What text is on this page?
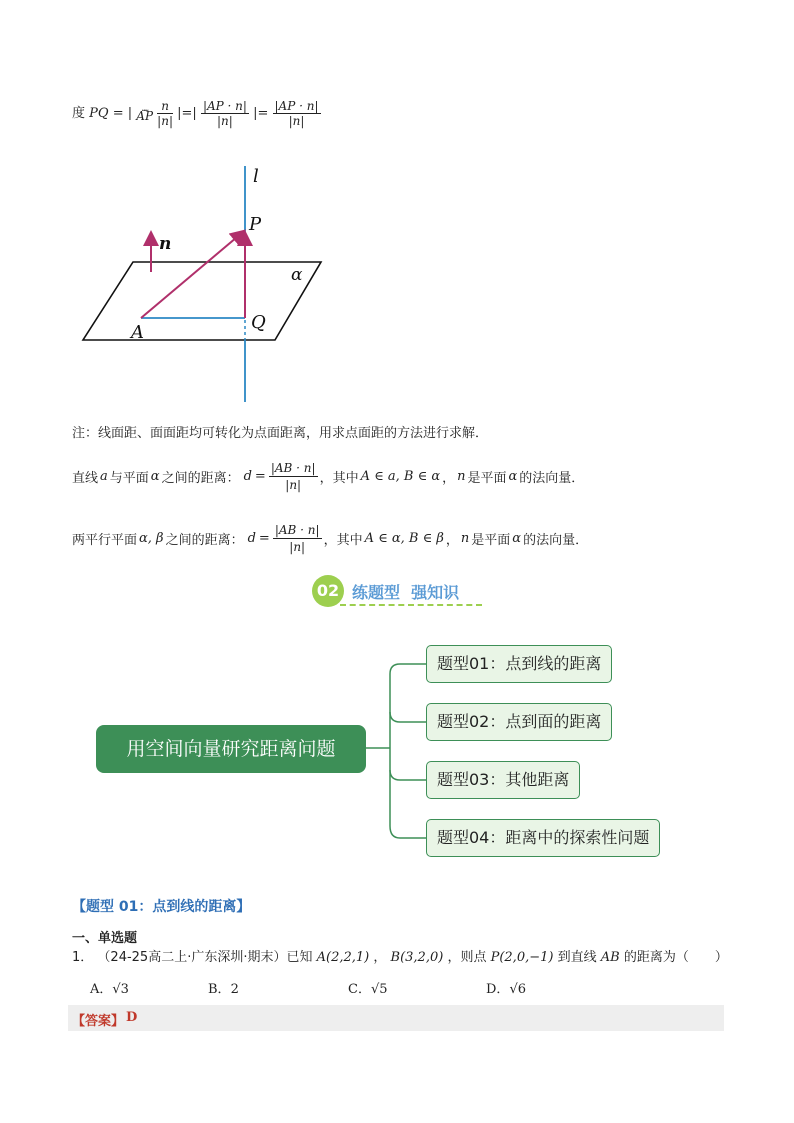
度 PQ = |	⎵⎵⎵
AP $\frac{n}{|n|}$ |=| $\frac{|AP \cdot n|}{|n|}$ |= $\frac{|AP \cdot n|}{|n|}$
l
P
n
α
Q
A
注：线面距、面面距均可转化为点面距离，用求点面距的方法进行求解．
直线 a 与平面 α 之间的距离： $d = \frac{|AB \cdot n|}{|n|}$ ，其中 A ∈ a, B ∈ α ， n 是平面 α 的法向量．
两平行平面 α, β 之间的距离： $d = \frac{|AB \cdot n|}{|n|}$ ，其中 A ∈ α, B ∈ β ， n 是平面 α 的法向量．
02 练题型  强知识
用空间向量研究距离问题
题型01：点到线的距离
题型02：点到面的距离
题型03：其他距离
题型04：距离中的探索性问题
【题型 01：点到线的距离】
一、单选题
1． （24-25高二上·广东深圳·期末）已知 A(2,2,1) ， B(3,2,0) ，则点 P(2,0,−1) 到直线 AB 的距离为（　　）
A．√3	B．2	C．√5	D．√6
【答案】 D
